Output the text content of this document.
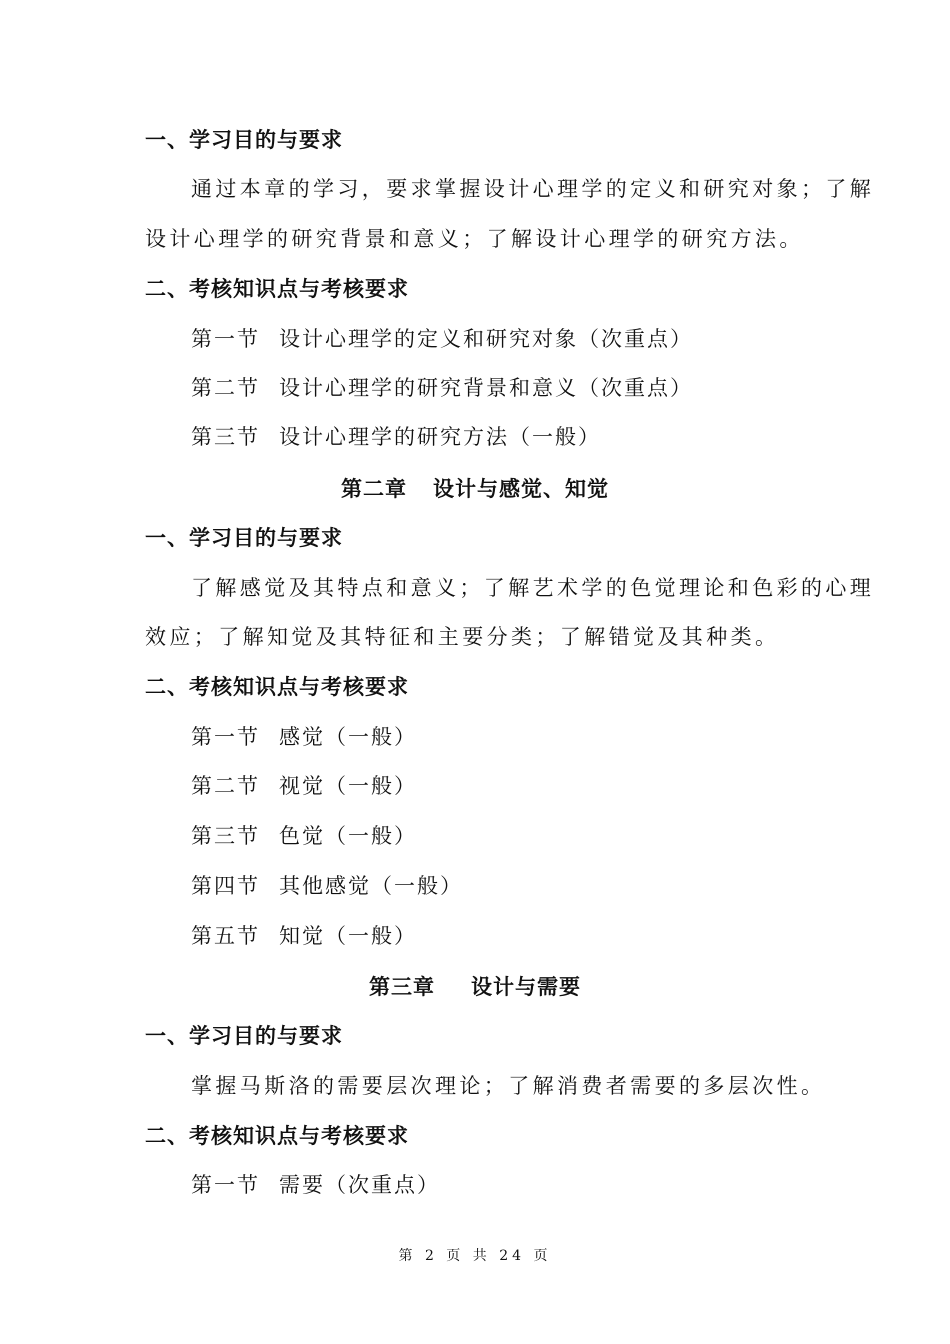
一、学习目的与要求
通过本章的学习，要求掌握设计心理学的定义和研究对象；了解
设计心理学的研究背景和意义；了解设计心理学的研究方法。
二、考核知识点与考核要求
第一节 设计心理学的定义和研究对象（次重点）
第二节 设计心理学的研究背景和意义（次重点）
第三节 设计心理学的研究方法（一般）
第二章 设计与感觉、知觉
一、学习目的与要求
了解感觉及其特点和意义；了解艺术学的色觉理论和色彩的心理
效应；了解知觉及其特征和主要分类；了解错觉及其种类。
二、考核知识点与考核要求
第一节 感觉（一般）
第二节 视觉（一般）
第三节 色觉（一般）
第四节 其他感觉（一般）
第五节 知觉（一般）
第三章 设计与需要
一、学习目的与要求
掌握马斯洛的需要层次理论；了解消费者需要的多层次性。
二、考核知识点与考核要求
第一节 需要（次重点）
第 2 页 共 24 页
